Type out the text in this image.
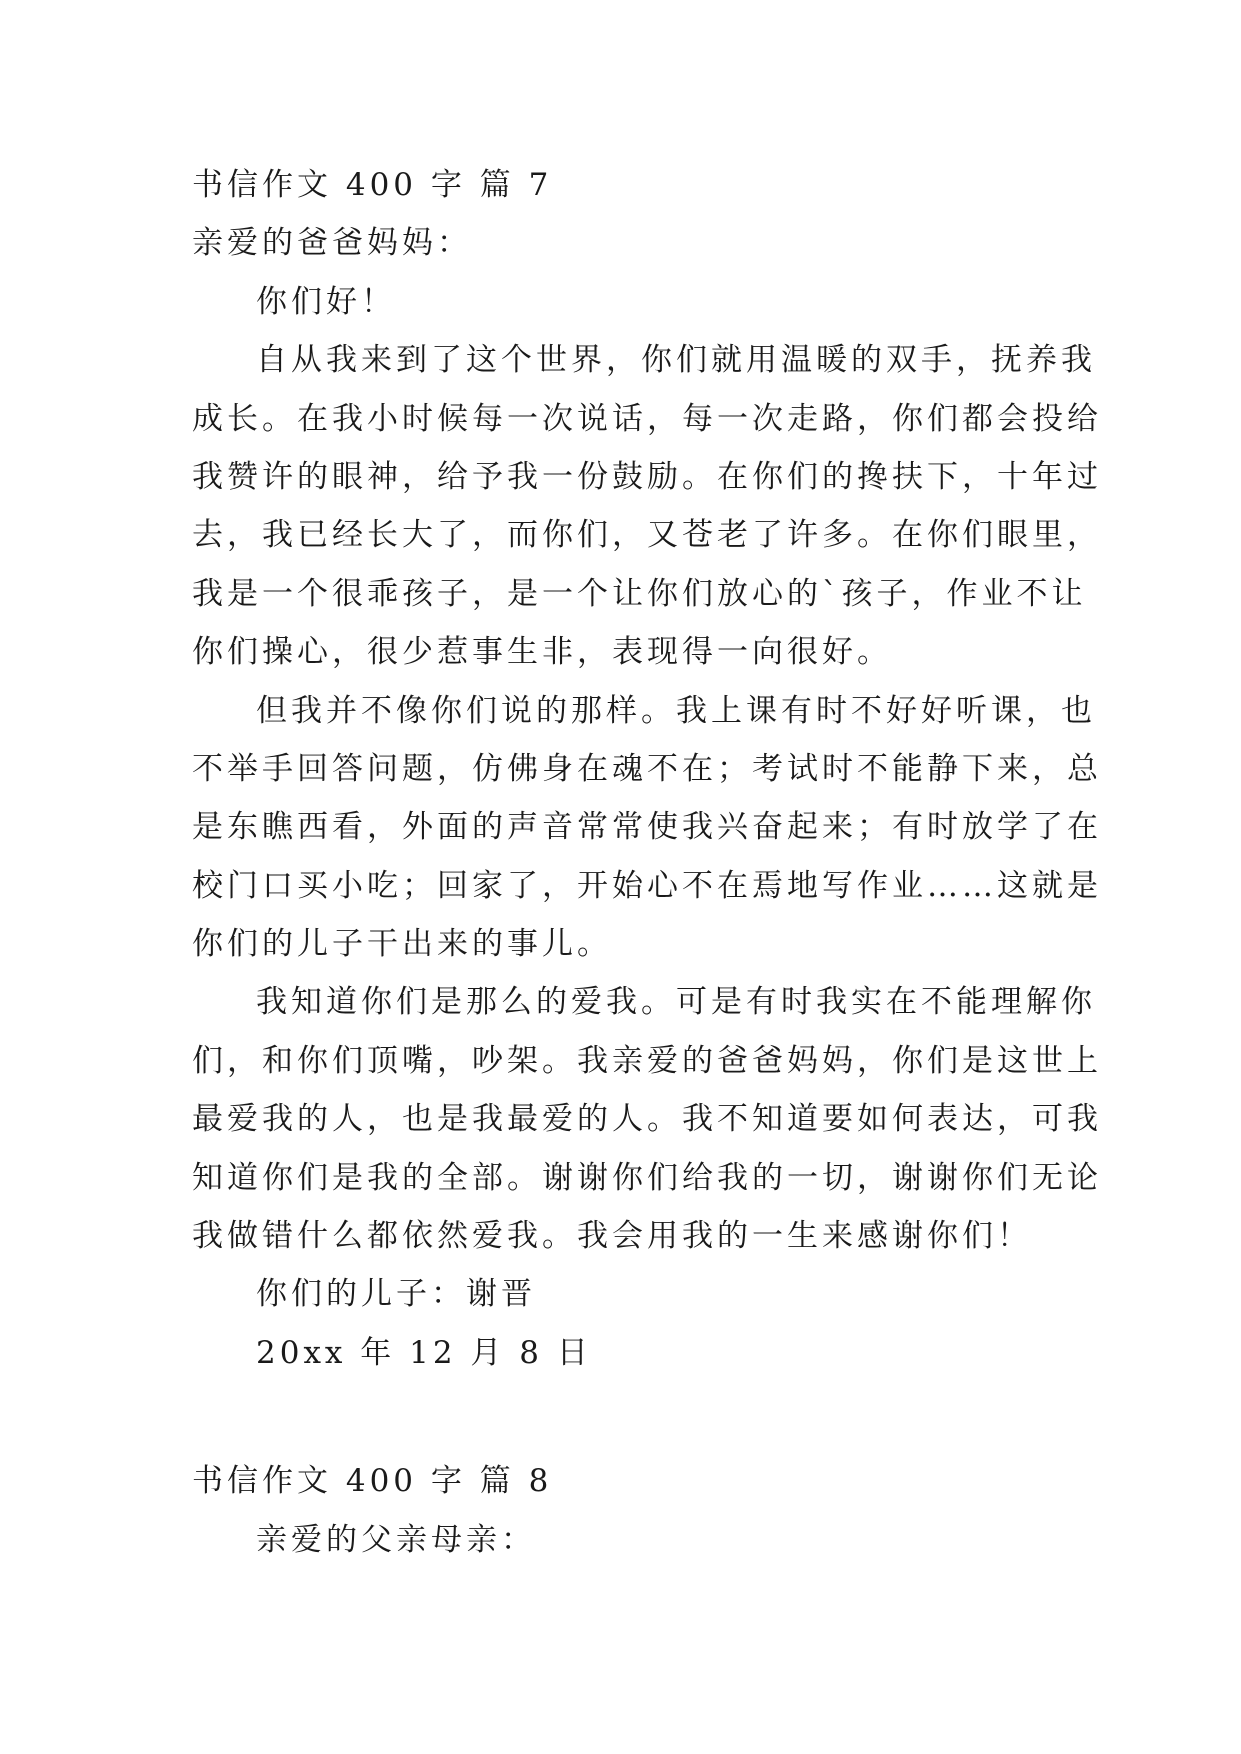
书信作文 400 字 篇 7
亲爱的爸爸妈妈：
你们好！
自从我来到了这个世界，你们就用温暖的双手，抚养我
成长。在我小时候每一次说话，每一次走路，你们都会投给
我赞许的眼神，给予我一份鼓励。在你们的搀扶下，十年过
去，我已经长大了，而你们，又苍老了许多。在你们眼里，
我是一个很乖孩子，是一个让你们放心的`孩子，作业不让
你们操心，很少惹事生非，表现得一向很好。
但我并不像你们说的那样。我上课有时不好好听课，也
不举手回答问题，仿佛身在魂不在；考试时不能静下来，总
是东瞧西看，外面的声音常常使我兴奋起来；有时放学了在
校门口买小吃；回家了，开始心不在焉地写作业……这就是
你们的儿子干出来的事儿。
我知道你们是那么的爱我。可是有时我实在不能理解你
们，和你们顶嘴，吵架。我亲爱的爸爸妈妈，你们是这世上
最爱我的人，也是我最爱的人。我不知道要如何表达，可我
知道你们是我的全部。谢谢你们给我的一切，谢谢你们无论
我做错什么都依然爱我。我会用我的一生来感谢你们！
你们的儿子：谢晋
20xx 年 12 月 8 日
书信作文 400 字 篇 8
亲爱的父亲母亲：
